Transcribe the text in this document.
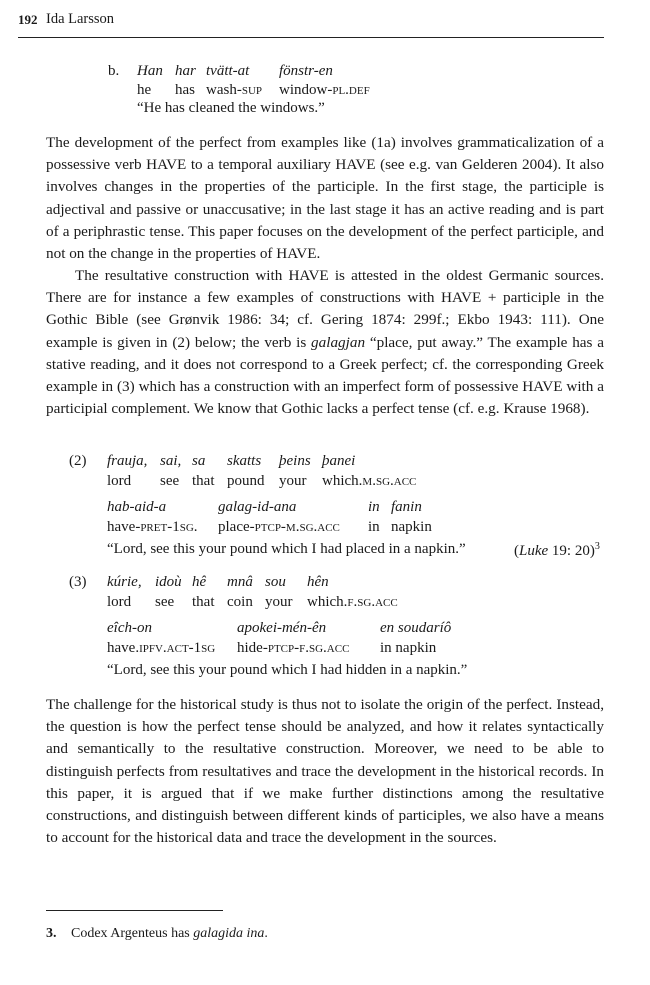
192 Ida Larsson
b. Han har tvätt-at fönstr-en
he has wash-sup window-pl.def
“He has cleaned the windows.”

The development of the perfect from examples like (1a) involves grammaticalization of a possessive verb HAVE to a temporal auxiliary HAVE (see e.g. van Gelderen 2004). It also involves changes in the properties of the participle. In the first stage, the participle is adjectival and passive or unaccusative; in the last stage it has an active reading and is part of a periphrastic tense. This paper focuses on the development of the perfect participle, and not on the change in the properties of HAVE.

The resultative construction with HAVE is attested in the oldest Germanic sources. There are for instance a few examples of constructions with HAVE + participle in the Gothic Bible (see Grønvik 1986: 34; cf. Gering 1874: 299f.; Ekbo 1943: 111). One example is given in (2) below; the verb is galagjan “place, put away.” The example has a stative reading, and it does not correspond to a Greek perfect; cf. the corresponding Greek example in (3) which has a construction with an imperfect form of possessive HAVE with a participial complement. We know that Gothic lacks a perfect tense (cf. e.g. Krause 1968).

(2) frauja, sai, sa skatts þeins þanei
lord see that pound your which.m.sg.acc
hab-aid-a	galag-id-ana	in fanin
have-pret-1sg. place-ptcp-m.sg.acc in napkin
“Lord, see this your pound which I had placed in a napkin.”	(Luke 19: 20)$^3$
(3) kúrie, idoù hê mnâ sou hên
lord see that coin your which.f.sg.acc
eîch-on	apokei-mén-ên	en soudaríô
have.ipfv.act-1sg hide-ptcp-f.sg.acc in napkin
“Lord, see this your pound which I had hidden in a napkin.”

The challenge for the historical study is thus not to isolate the origin of the perfect. Instead, the question is how the perfect tense should be analyzed, and how it relates syntactically and semantically to the resultative construction. Moreover, we need to be able to distinguish perfects from resultatives and trace the development in the historical records. In this paper, it is argued that if we make further distinctions among the resultative constructions, and distinguish between different kinds of participles, we also have a means to account for the historical data and trace the development in the sources.

3. Codex Argenteus has galagida ina.
